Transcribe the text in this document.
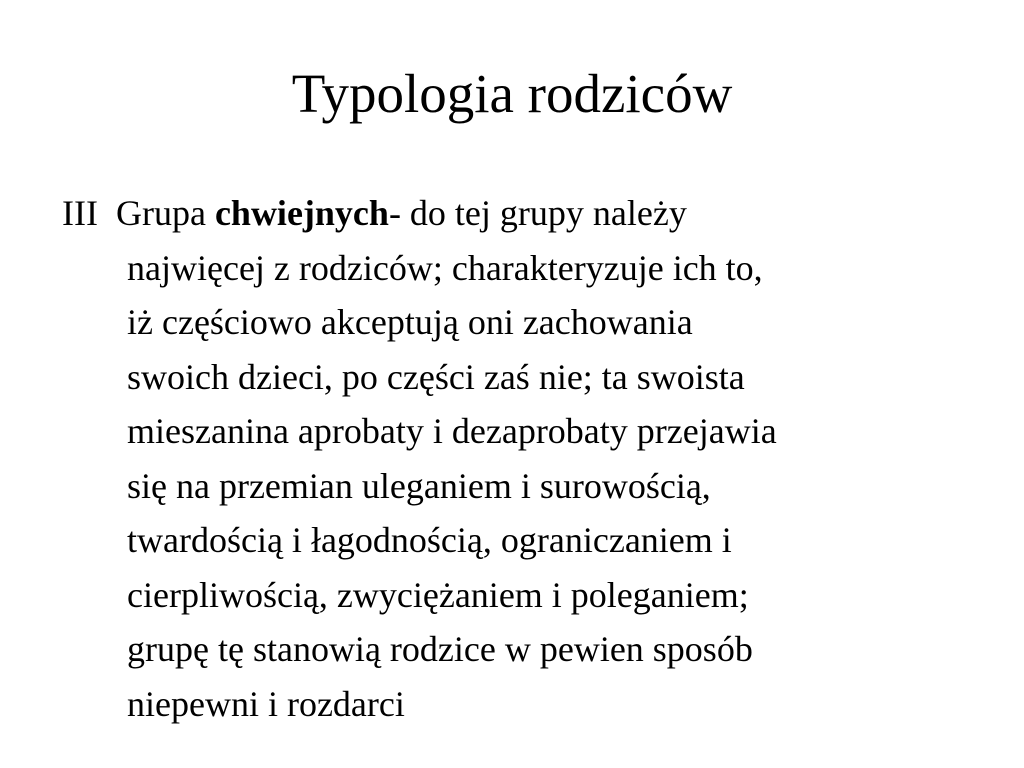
Typologia rodziców
III Grupa chwiejnych- do tej grupy należy
najwięcej z rodziców; charakteryzuje ich to,
iż częściowo akceptują oni zachowania
swoich dzieci, po części zaś nie; ta swoista
mieszanina aprobaty i dezaprobaty przejawia
się na przemian uleganiem i surowością,
twardością i łagodnością, ograniczaniem i
cierpliwością, zwyciężaniem i poleganiem;
grupę tę stanowią rodzice w pewien sposób
niepewni i rozdarci
